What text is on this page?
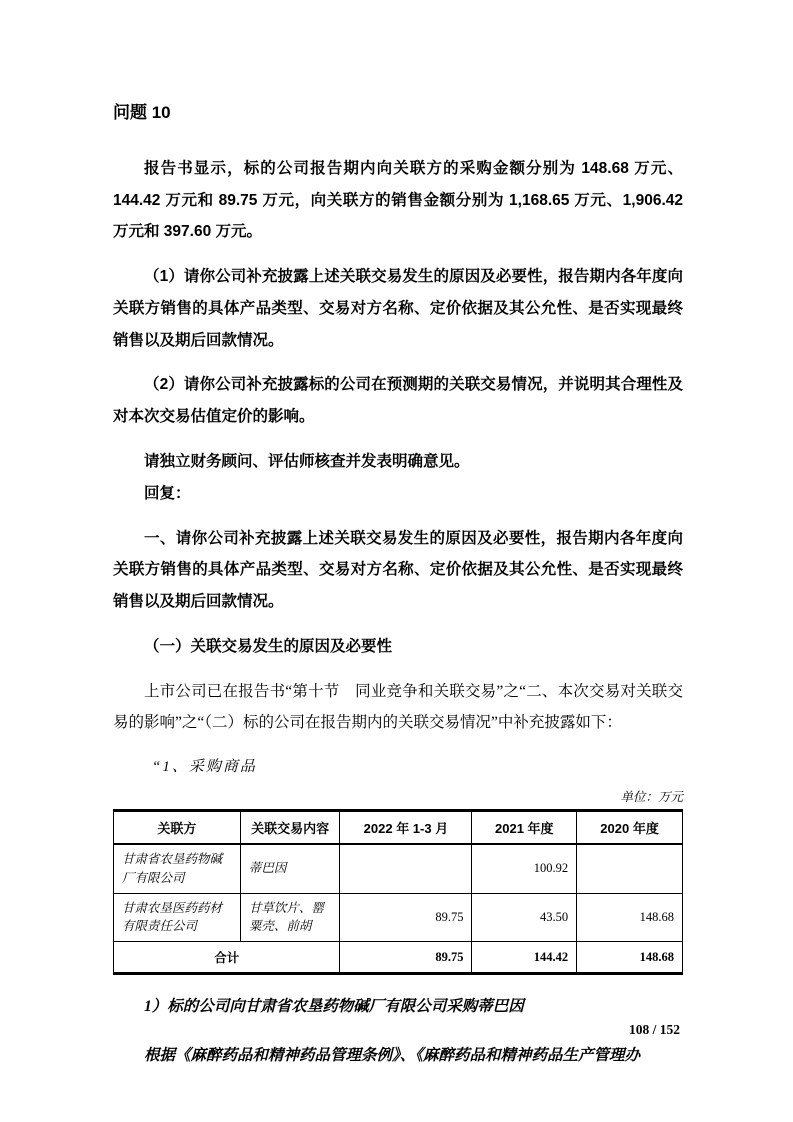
问题 10

报告书显示，标的公司报告期内向关联方的采购金额分别为 148.68 万元、144.42 万元和 89.75 万元，向关联方的销售金额分别为 1,168.65 万元、1,906.42 万元和 397.60 万元。

（1）请你公司补充披露上述关联交易发生的原因及必要性，报告期内各年度向关联方销售的具体产品类型、交易对方名称、定价依据及其公允性、是否实现最终销售以及期后回款情况。

（2）请你公司补充披露标的公司在预测期的关联交易情况，并说明其合理性及对本次交易估值定价的影响。

请独立财务顾问、评估师核查并发表明确意见。

回复：

一、请你公司补充披露上述关联交易发生的原因及必要性，报告期内各年度向关联方销售的具体产品类型、交易对方名称、定价依据及其公允性、是否实现最终销售以及期后回款情况。

（一）关联交易发生的原因及必要性

上市公司已在报告书“第十节　同业竞争和关联交易”之“二、本次交易对关联交易的影响”之“（二）标的公司在报告期内的关联交易情况”中补充披露如下：

“1、采购商品

单位：万元
关联方	关联交易内容	2022 年 1-3 月	2021 年度	2020 年度
甘肃省农垦药物碱厂有限公司	蒂巴因		100.92	
甘肃农垦医药药材有限责任公司	甘草饮片、罂粟壳、前胡	89.75	43.50	148.68
合计		89.75	144.42	148.68

1）标的公司向甘肃省农垦药物碱厂有限公司采购蒂巴因

根据《麻醉药品和精神药品管理条例》、《麻醉药品和精神药品生产管理办

108 / 152
